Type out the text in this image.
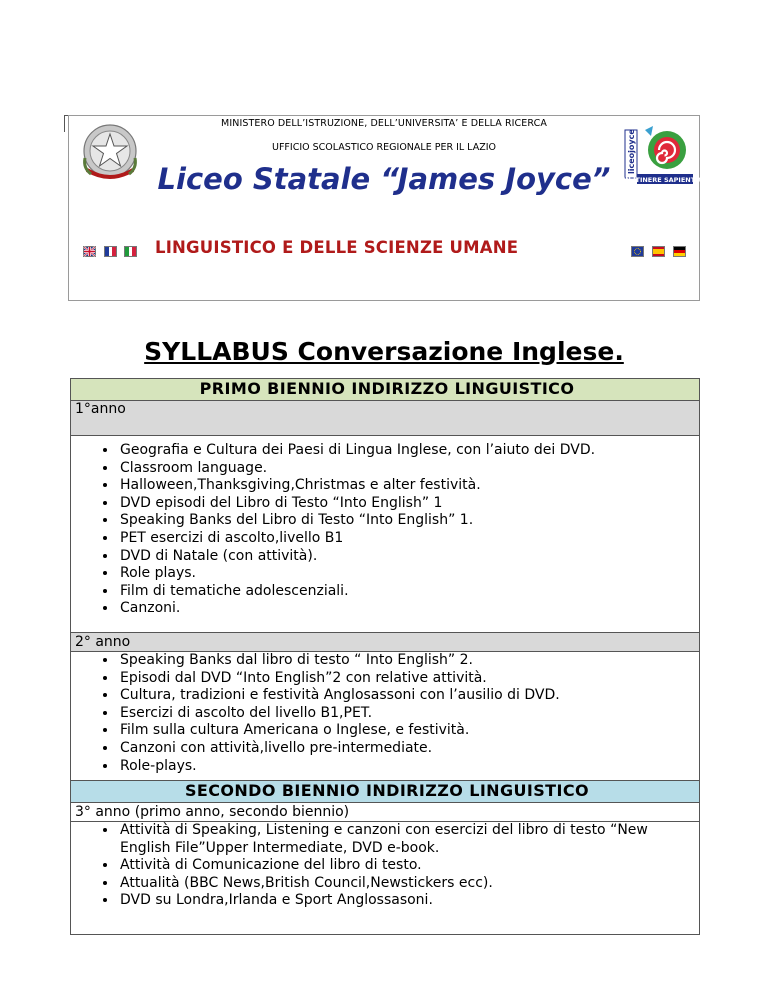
MINISTERO DELL’ISTRUZIONE, DELL’UNIVERSITA’ E DELLA RICERCA
UFFICIO SCOLASTICO REGIONALE PER IL LAZIO
Liceo Statale “James Joyce”
liceojoyce
IN ITINERE SAPIENTIAE
LINGUISTICO E DELLE SCIENZE UMANE
SYLLABUS Conversazione Inglese.
PRIMO BIENNIO INDIRIZZO LINGUISTICO
1°anno

• Geografia e Cultura dei Paesi di Lingua Inglese, con l’aiuto dei DVD.
• Classroom language.
• Halloween,Thanksgiving,Christmas e alter festività.
• DVD episodi del Libro di Testo “Into English” 1
• Speaking Banks del Libro di Testo “Into English” 1.
• PET esercizi di ascolto,livello B1
• DVD di Natale (con attività).
• Role plays.
• Film di tematiche adolescenziali.
• Canzoni.

2° anno

• Speaking Banks dal libro di testo “ Into English” 2.
• Episodi dal DVD “Into English”2 con relative attività.
• Cultura, tradizioni e festività Anglosassoni con l’ausilio di DVD.
• Esercizi di ascolto del livello B1,PET.
• Film sulla cultura Americana o Inglese, e festività.
• Canzoni con attività,livello pre-intermediate.
• Role-plays.

SECONDO BIENNIO INDIRIZZO LINGUISTICO
3° anno (primo anno, secondo biennio)

• Attività di Speaking, Listening e canzoni con esercizi del libro di testo “New English File”Upper Intermediate, DVD e-book.
• Attività di Comunicazione del libro di testo.
• Attualità (BBC News,British Council,Newstickers ecc).
• DVD su Londra,Irlanda e Sport Anglossasoni.
